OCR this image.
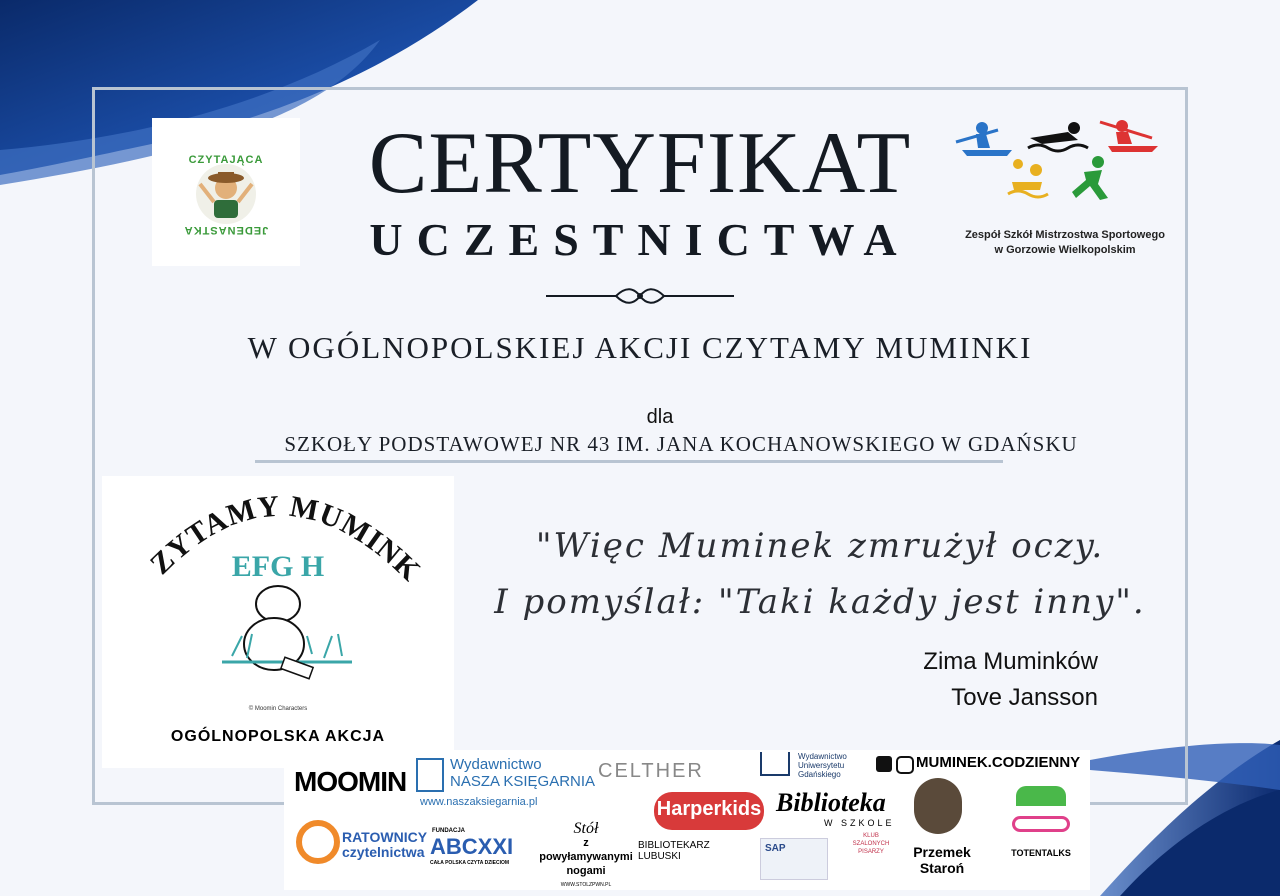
CZYTAJĄCA
JEDENASTKA
CERTYFIKAT
UCZESTNICTWA	Zespół Szkół Mistrzostwa Sportowego
w Gorzowie Wielkopolskim
W OGÓLNOPOLSKIEJ AKCJI CZYTAMY MUMINKI
dla
SZKOŁY PODSTAWOWEJ NR 43 IM. JANA KOCHANOWSKIEGO W GDAŃSKU
ZYTAMY MUMINK
EFG H
© Moomin Characters
OGÓLNOPOLSKA AKCJA
"Więc Muminek zmrużył oczy.
I pomyślał: "Taki każdy jest inny".
Zima Muminków
Tove Jansson
MOOMIN
Wydawnictwo
NASZA KSIĘGARNIA
www.naszaksiegarnia.pl
CELTHER
Wydawnictwo
Uniwersytetu
Gdańskiego
MUMINEK.CODZIENNY
Harperkids Biblioteka
W SZKOLE
Przemek
Staroń
TOTENTALKS
RATOWNICY
czytelnictwa
FUNDACJA
ABCXXI
CAŁA POLSKA CZYTA DZIECIOM
Stół
z powyłamywanymi
nogami
WWW.STOLZPWN.PL
BIBLIOTEKARZ
LUBUSKI
SAP
KLUB SZALONYCH PISARZY
